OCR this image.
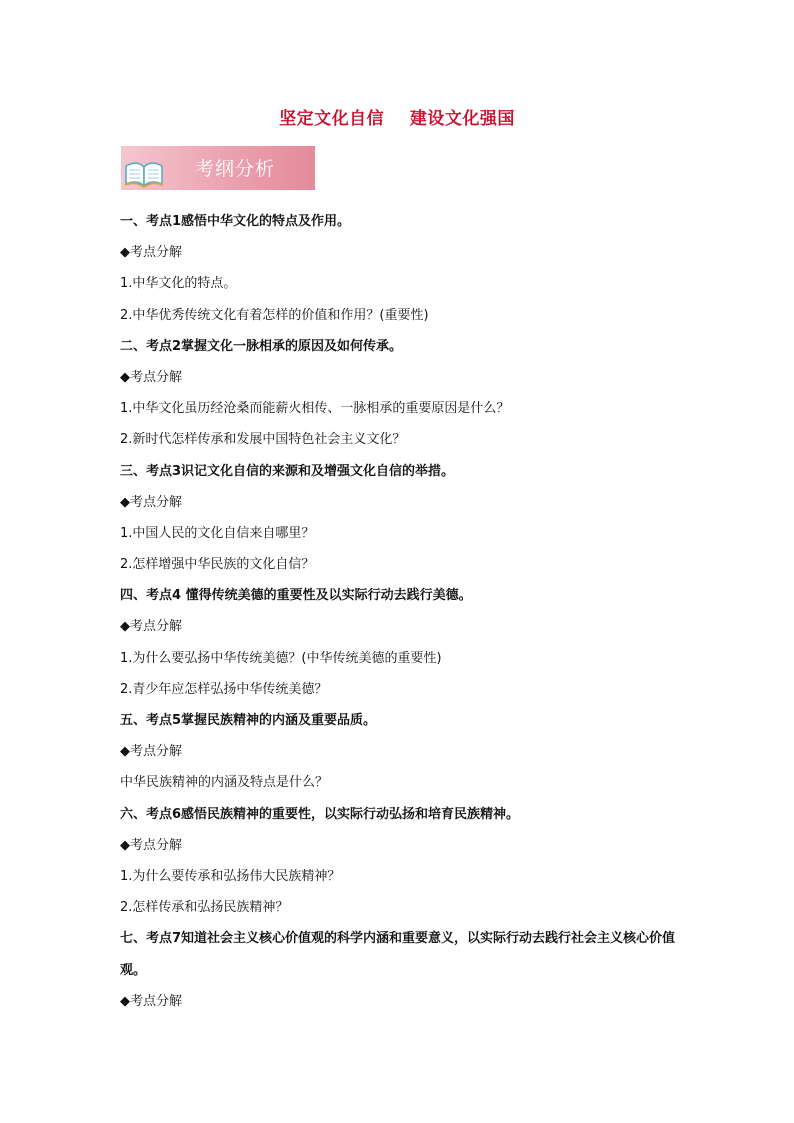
坚定文化自信    建设文化强国
考纲分析
一、考点1感悟中华文化的特点及作用。
◆考点分解
1.中华文化的特点。
2.中华优秀传统文化有着怎样的价值和作用？(重要性)
二、考点2掌握文化一脉相承的原因及如何传承。
◆考点分解
1.中华文化虽历经沧桑而能薪火相传、一脉相承的重要原因是什么？
2.新时代怎样传承和发展中国特色社会主义文化？
三、考点3识记文化自信的来源和及增强文化自信的举措。
◆考点分解
1.中国人民的文化自信来自哪里？
2.怎样增强中华民族的文化自信？
四、考点4 懂得传统美德的重要性及以实际行动去践行美德。
◆考点分解
1.为什么要弘扬中华传统美德？(中华传统美德的重要性)
2.青少年应怎样弘扬中华传统美德？
五、考点5掌握民族精神的内涵及重要品质。
◆考点分解
中华民族精神的内涵及特点是什么？
六、考点6感悟民族精神的重要性，以实际行动弘扬和培育民族精神。
◆考点分解
1.为什么要传承和弘扬伟大民族精神？
2.怎样传承和弘扬民族精神？
七、考点7知道社会主义核心价值观的科学内涵和重要意义，以实际行动去践行社会主义核心价值观。
◆考点分解
